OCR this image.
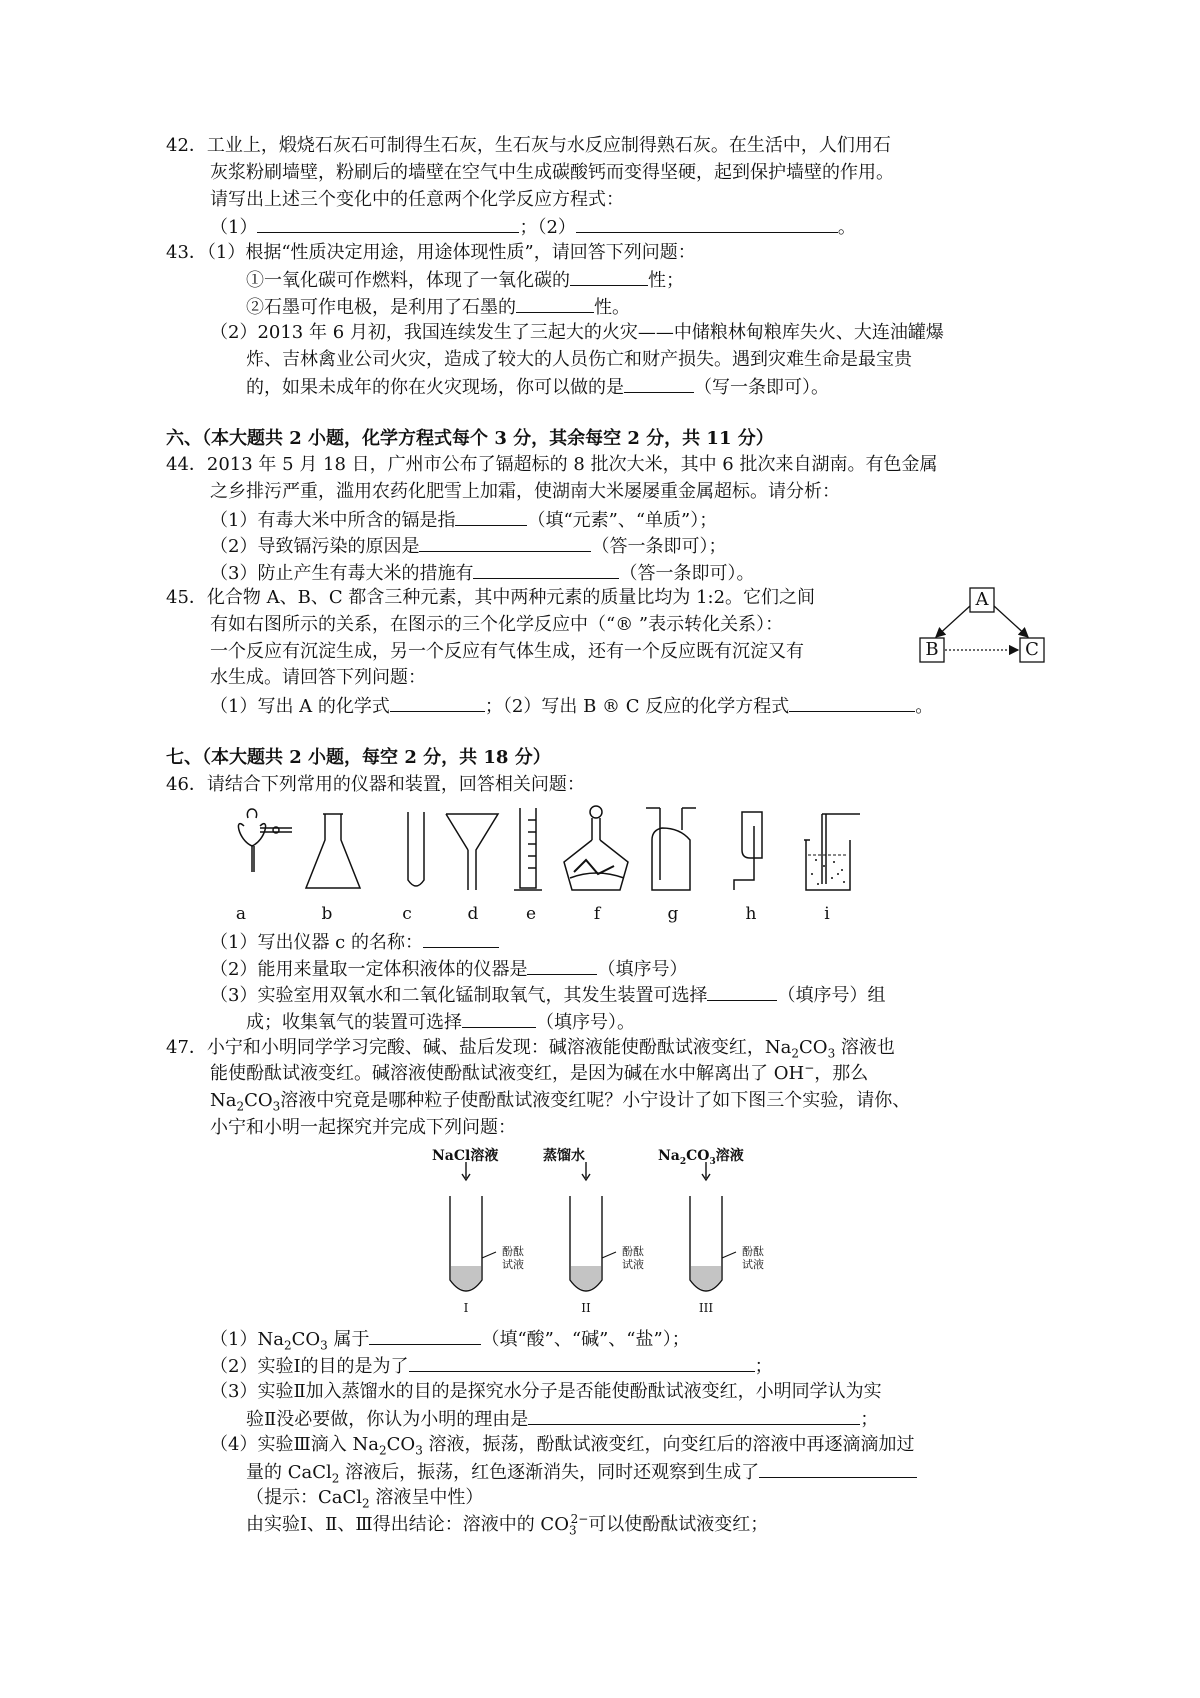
42．工业上，煅烧石灰石可制得生石灰，生石灰与水反应制得熟石灰。在生活中，人们用石
灰浆粉刷墙壁，粉刷后的墙壁在空气中生成碳酸钙而变得坚硬，起到保护墙壁的作用。
请写出上述三个变化中的任意两个化学反应方程式：
（1）	；（2）	。
43．（1）根据“性质决定用途，用途体现性质”，请回答下列问题：
①一氧化碳可作燃料，体现了一氧化碳的	性；
②石墨可作电极，是利用了石墨的	性。
（2）2013 年 6 月初，我国连续发生了三起大的火灾——中储粮林甸粮库失火、大连油罐爆
炸、吉林禽业公司火灾，造成了较大的人员伤亡和财产损失。遇到灾难生命是最宝贵
的，如果未成年的你在火灾现场，你可以做的是	（写一条即可）。
六、（本大题共 2 小题，化学方程式每个 3 分，其余每空 2 分，共 11 分）
44．2013 年 5 月 18 日，广州市公布了镉超标的 8 批次大米，其中 6 批次来自湖南。有色金属
之乡排污严重，滥用农药化肥雪上加霜，使湖南大米屡屡重金属超标。请分析：
（1）有毒大米中所含的镉是指	（填“元素”、“单质”）；
（2）导致镉污染的原因是	（答一条即可）；
（3）防止产生有毒大米的措施有	（答一条即可）。
45．化合物 A、B、C 都含三种元素，其中两种元素的质量比均为 1:2。它们之间
有如右图所示的关系，在图示的三个化学反应中（“® ”表示转化关系）：
一个反应有沉淀生成，另一个反应有气体生成，还有一个反应既有沉淀又有
水生成。请回答下列问题：
（1）写出 A 的化学式	；（2）写出 B ® C 反应的化学方程式	。
A
B	C
七、（本大题共 2 小题，每空 2 分，共 18 分）
46．请结合下列常用的仪器和装置，回答相关问题：
a	b	c	d	e	f	g	h	i
（1）写出仪器 c 的名称：
（2）能用来量取一定体积液体的仪器是	（填序号）
（3）实验室用双氧水和二氧化锰制取氧气，其发生装置可选择	（填序号）组
成；收集氧气的装置可选择	（填序号）。
47．小宁和小明同学学习完酸、碱、盐后发现：碱溶液能使酚酞试液变红，$Na_2CO_3$ 溶液也
能使酚酞试液变红。碱溶液使酚酞试液变红，是因为碱在水中解离出了 OH−，那么
$Na_2CO_3$溶液中究竟是哪种粒子使酚酞试液变红呢？小宁设计了如下图三个实验，请你、
小宁和小明一起探究并完成下列问题：
NaCl溶液	蒸馏水	$Na_2CO_3$溶液
酚酞试液
酚酞试液
酚酞试液
I	II	III
$(1)Na_2CO_3$ 属于	（填“酸”、“碱”、“盐”）；
（2）实验Ⅰ的目的是为了	；
（3）实验Ⅱ加入蒸馏水的目的是探究水分子是否能使酚酞试液变红，小明同学认为实
验Ⅱ没必要做，你认为小明的理由是	；
（4）实验Ⅲ滴入 $Na_2CO_3$ 溶液，振荡，酚酞试液变红，向变红后的溶液中再逐滴滴加过
量的 CaCl$_2$ 溶液后，振荡，红色逐渐消失，同时还观察到生成了
（提示：CaCl$_2$ 溶液呈中性）
由实验Ⅰ、Ⅱ、Ⅲ得出结论：溶液中的 $CO_3^{2-}$可以使酚酞试液变红；
